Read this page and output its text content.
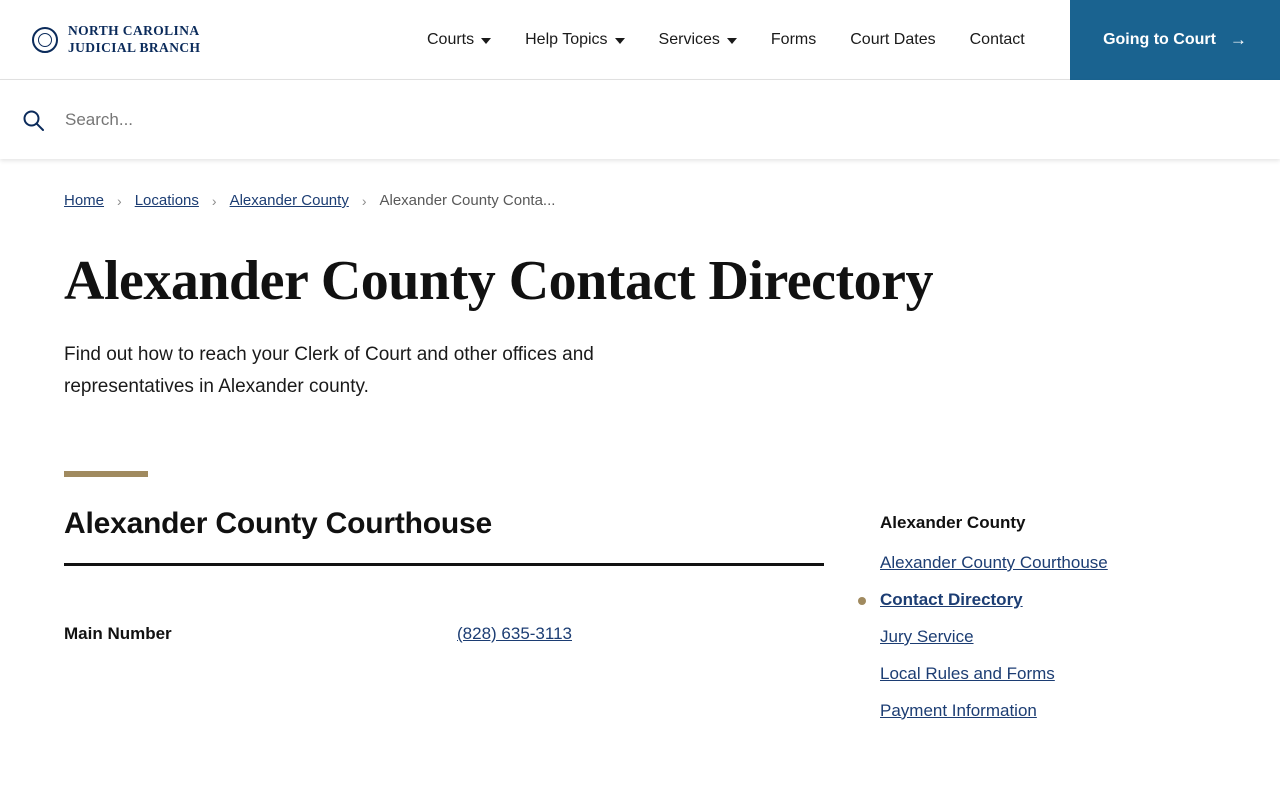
NORTH CAROLINA
JUDICIAL BRANCH	Courts	Help Topics	Services	Forms Court Dates Contact	Going to Court →
Search...
Home › Locations › Alexander County › Alexander County Conta...
Alexander County Contact Directory

Find out how to reach your Clerk of Court and other offices and representatives in Alexander county.

Alexander County Courthouse
Main Number	(828) 635-3113
Alexander County
Alexander County Courthouse
Contact Directory
Jury Service
Local Rules and Forms
Payment Information
